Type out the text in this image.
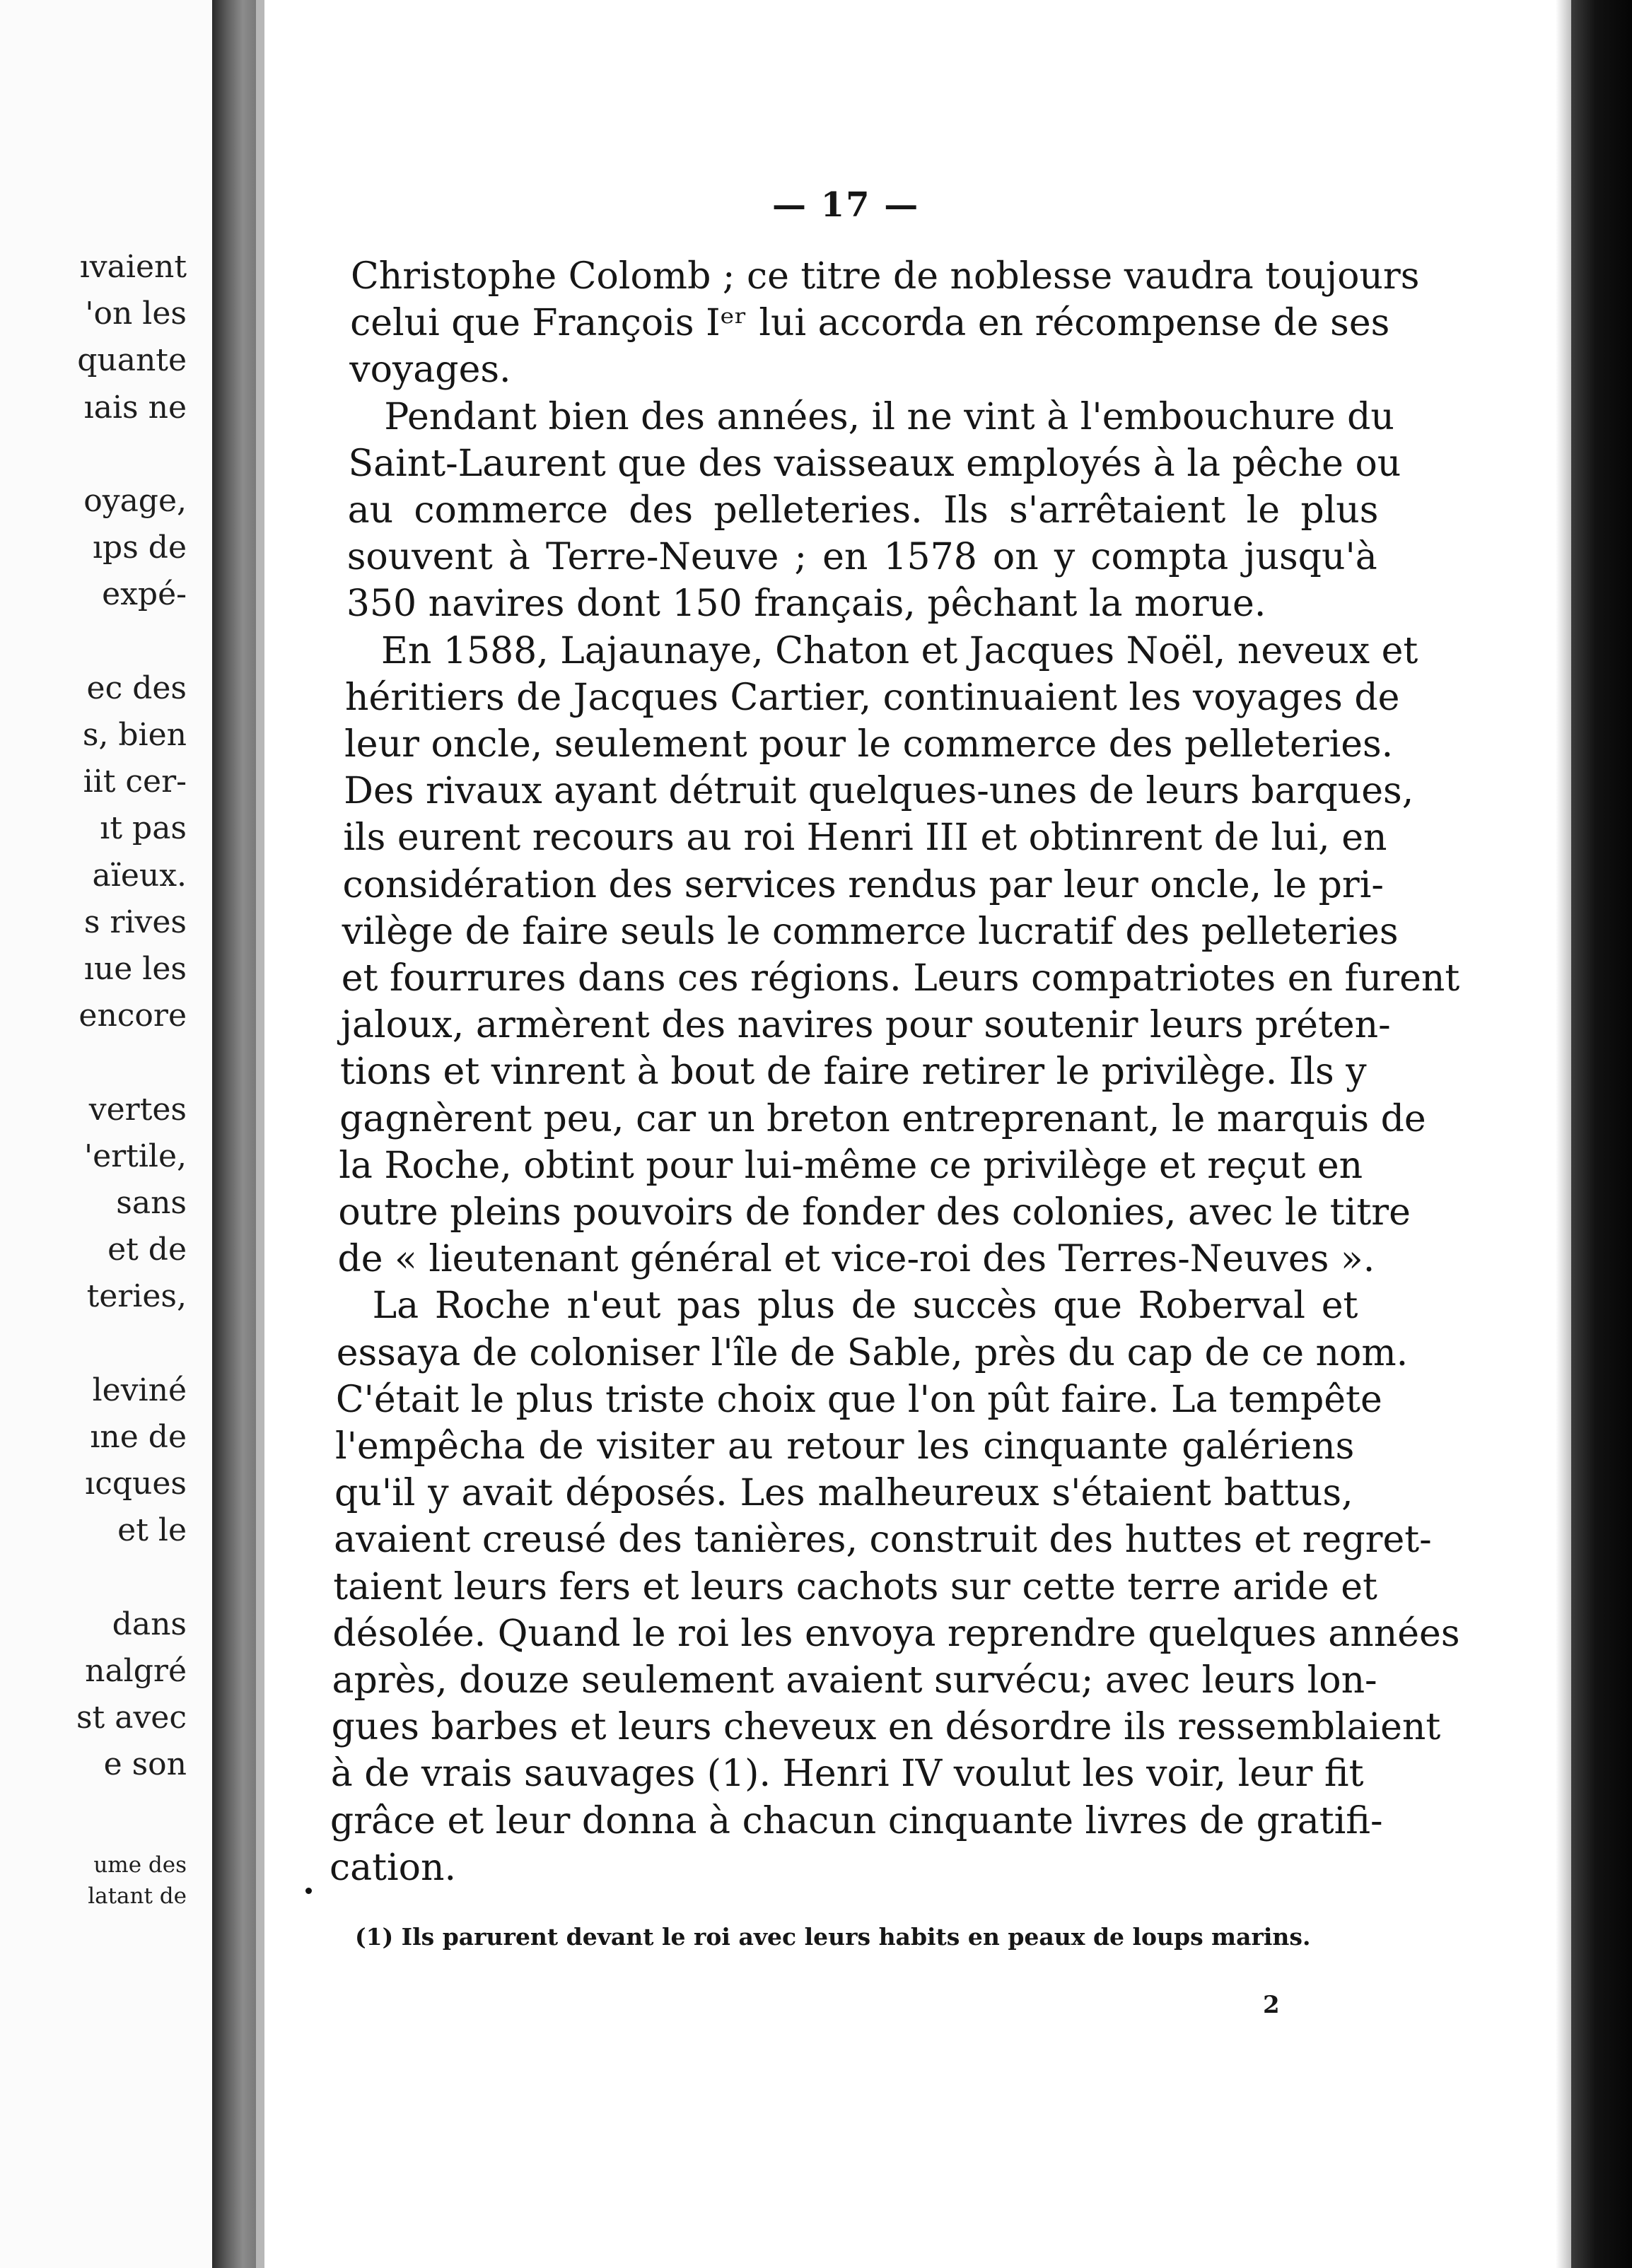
ıvaient
'on les
quante
ıais ne
oyage,
ıps de
expé-
ec des
s, bien
iit cer-
ıt pas
aïeux.
s rives
ıue les
encore
vertes
'ertile,
sans
et de
teries,
leviné
ıne de
ıcques
et le
dans
nalgré
st avec
e son
ume des
latant de
— 17 —
Christophe Colomb ; ce titre de noblesse vaudra toujours
celui que François Iᵉʳ lui accorda en récompense de ses
voyages.
Pendant bien des années, il ne vint à l'embouchure du
Saint-Laurent que des vaisseaux employés à la pêche ou
au commerce des pelleteries. Ils s'arrêtaient le plus
souvent à Terre-Neuve ; en 1578 on y compta jusqu'à
350 navires dont 150 français, pêchant la morue.
En 1588, Lajaunaye, Chaton et Jacques Noël, neveux et
héritiers de Jacques Cartier, continuaient les voyages de
leur oncle, seulement pour le commerce des pelleteries.
Des rivaux ayant détruit quelques-unes de leurs barques,
ils eurent recours au roi Henri III et obtinrent de lui, en
considération des services rendus par leur oncle, le pri-
vilège de faire seuls le commerce lucratif des pelleteries
et fourrures dans ces régions. Leurs compatriotes en furent
jaloux, armèrent des navires pour soutenir leurs préten-
tions et vinrent à bout de faire retirer le privilège. Ils y
gagnèrent peu, car un breton entreprenant, le marquis de
la Roche, obtint pour lui-même ce privilège et reçut en
outre pleins pouvoirs de fonder des colonies, avec le titre
de « lieutenant général et vice-roi des Terres-Neuves ».
La Roche n'eut pas plus de succès que Roberval et
essaya de coloniser l'île de Sable, près du cap de ce nom.
C'était le plus triste choix que l'on pût faire. La tempête
l'empêcha de visiter au retour les cinquante galériens
qu'il y avait déposés. Les malheureux s'étaient battus,
avaient creusé des tanières, construit des huttes et regret-
taient leurs fers et leurs cachots sur cette terre aride et
désolée. Quand le roi les envoya reprendre quelques années
après, douze seulement avaient survécu; avec leurs lon-
gues barbes et leurs cheveux en désordre ils ressemblaient
à de vrais sauvages (1). Henri IV voulut les voir, leur fit
grâce et leur donna à chacun cinquante livres de gratifi-
cation.
(1) Ils parurent devant le roi avec leurs habits en peaux de loups marins.
2
